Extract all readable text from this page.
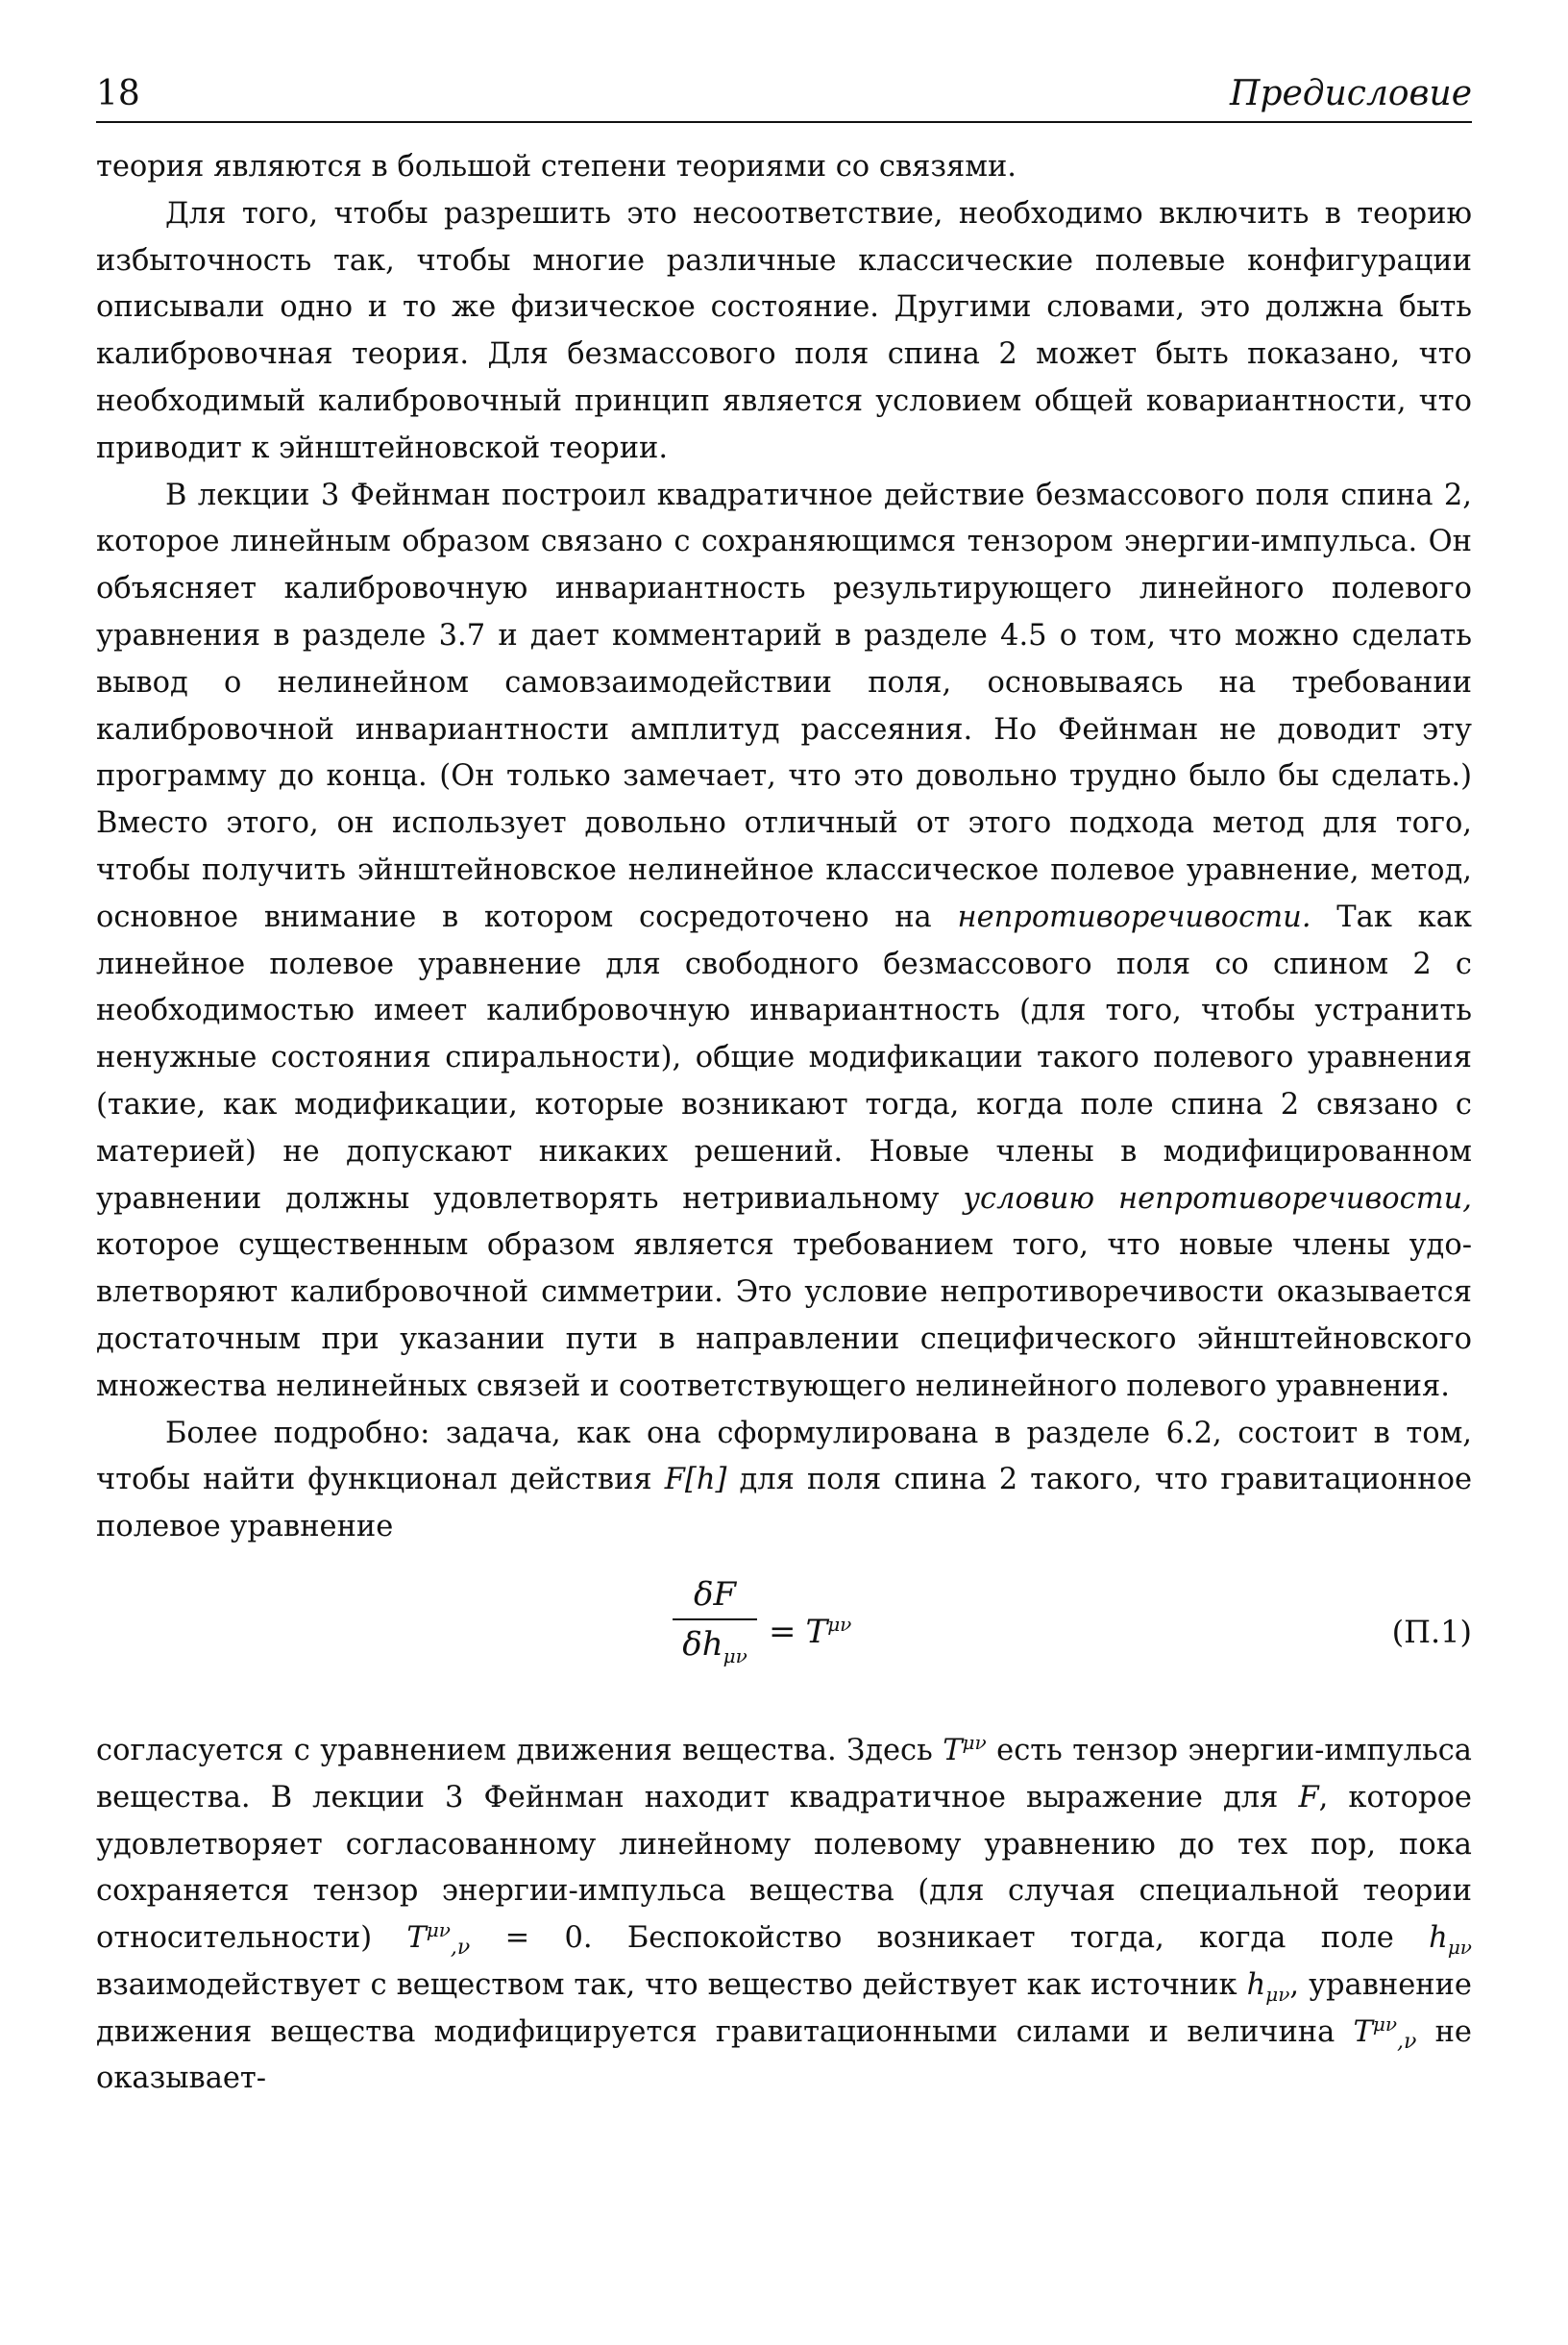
18	Предисловие

теория являются в большой степени теориями со связями.

Для того, чтобы разрешить это несоответствие, необходимо включить в теорию избыточность так, чтобы многие различные классические полевые конфигурации описывали одно и то же физическое состояние. Другими словами, это должна быть калибровочная теория. Для безмассового поля спина 2 может быть показано, что необходимый калибровочный принцип является условием общей ковариантности, что приводит к эйнштейновской теории.

В лекции 3 Фейнман построил квадратичное действие безмассового поля спина 2, которое линейным образом связано с сохраняющимся тензором энергии-импульса. Он объясняет калибровочную инвариантность результирующего линейного полевого уравнения в разделе 3.7 и дает комментарий в разделе 4.5 о том, что можно сделать вывод о нелинейном самовзаимодействии поля, основываясь на требовании калибровочной инвариантности амплитуд рассеяния. Но Фейнман не доводит эту программу до конца. (Он только замечает, что это довольно трудно было бы сделать.) Вместо этого, он использует довольно отличный от этого подхода метод для того, чтобы получить эйнштейновское нелинейное классическое полевое уравнение, метод, основное внимание в котором сосредоточено на непротиворечивости. Так как линейное полевое уравнение для свободного безмассового поля со спином 2 с необходимостью имеет калибровочную инвариантность (для того, чтобы устранить ненужные состояния спиральности), общие модификации такого полевого уравнения (такие, как модификации, которые возникают тогда, когда поле спина 2 связано с материей) не допускают никаких решений. Новые члены в модифицированном уравнении должны удовлетворять нетривиальному условию непротиворечивости, которое существенным образом является требованием того, что новые члены удовлетворяют калибровочной симметрии. Это условие непротиворечивости оказывается достаточным при указании пути в направлении специфического эйнштейновского множества нелинейных связей и соответствующего нелинейного полевого уравнения.

Более подробно: задача, как она сформулирована в разделе 6.2, состоит в том, чтобы найти функционал действия F[h] для поля спина 2 такого, что гравитационное полевое уравнение

δF
$\delta h_{\mu\nu}$
= $T^{\mu\nu}$	(П.1)

согласуется с уравнением движения вещества. Здесь $T^{\mu\nu}$ есть тензор энергии-импульса вещества. В лекции 3 Фейнман находит квадратичное выражение для F, которое удовлетворяет согласованному линейному полевому уравнению до тех пор, пока сохраняется тензор энергии-импульса вещества (для случая специальной теории относительности) $T^{\mu\nu}_{,\nu} = 0$. Беспокойство возникает тогда, когда поле $h_{\mu\nu}$ взаимодействует с веществом так, что вещество действует как источник $h_{\mu\nu}$, уравнение движения вещества модифицируется гравитационными силами и величина $T^{\mu\nu}_{,\nu}$ не оказывает-
